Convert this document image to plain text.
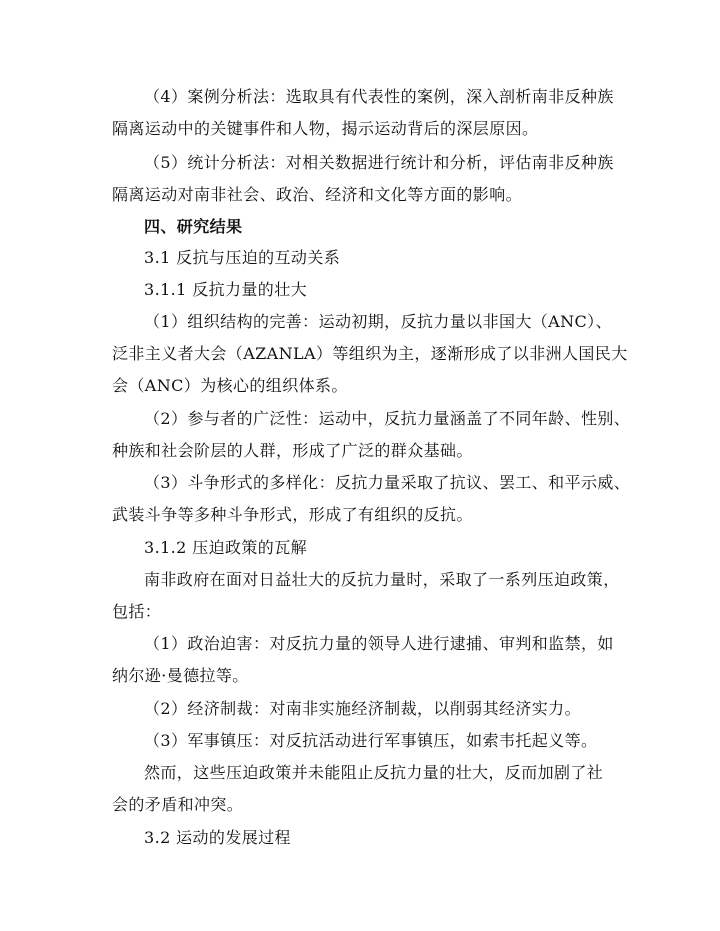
（4）案例分析法：选取具有代表性的案例，深入剖析南非反种族
隔离运动中的关键事件和人物，揭示运动背后的深层原因。
（5）统计分析法：对相关数据进行统计和分析，评估南非反种族
隔离运动对南非社会、政治、经济和文化等方面的影响。
四、研究结果
3.1 反抗与压迫的互动关系
3.1.1 反抗力量的壮大
（1）组织结构的完善：运动初期，反抗力量以非国大（ANC）、
泛非主义者大会（AZANLA）等组织为主，逐渐形成了以非洲人国民大
会（ANC）为核心的组织体系。
（2）参与者的广泛性：运动中，反抗力量涵盖了不同年龄、性别、
种族和社会阶层的人群，形成了广泛的群众基础。
（3）斗争形式的多样化：反抗力量采取了抗议、罢工、和平示威、
武装斗争等多种斗争形式，形成了有组织的反抗。
3.1.2 压迫政策的瓦解
南非政府在面对日益壮大的反抗力量时，采取了一系列压迫政策，
包括：
（1）政治迫害：对反抗力量的领导人进行逮捕、审判和监禁，如
纳尔逊·曼德拉等。
（2）经济制裁：对南非实施经济制裁，以削弱其经济实力。
（3）军事镇压：对反抗活动进行军事镇压，如索韦托起义等。
然而，这些压迫政策并未能阻止反抗力量的壮大，反而加剧了社
会的矛盾和冲突。
3.2 运动的发展过程
